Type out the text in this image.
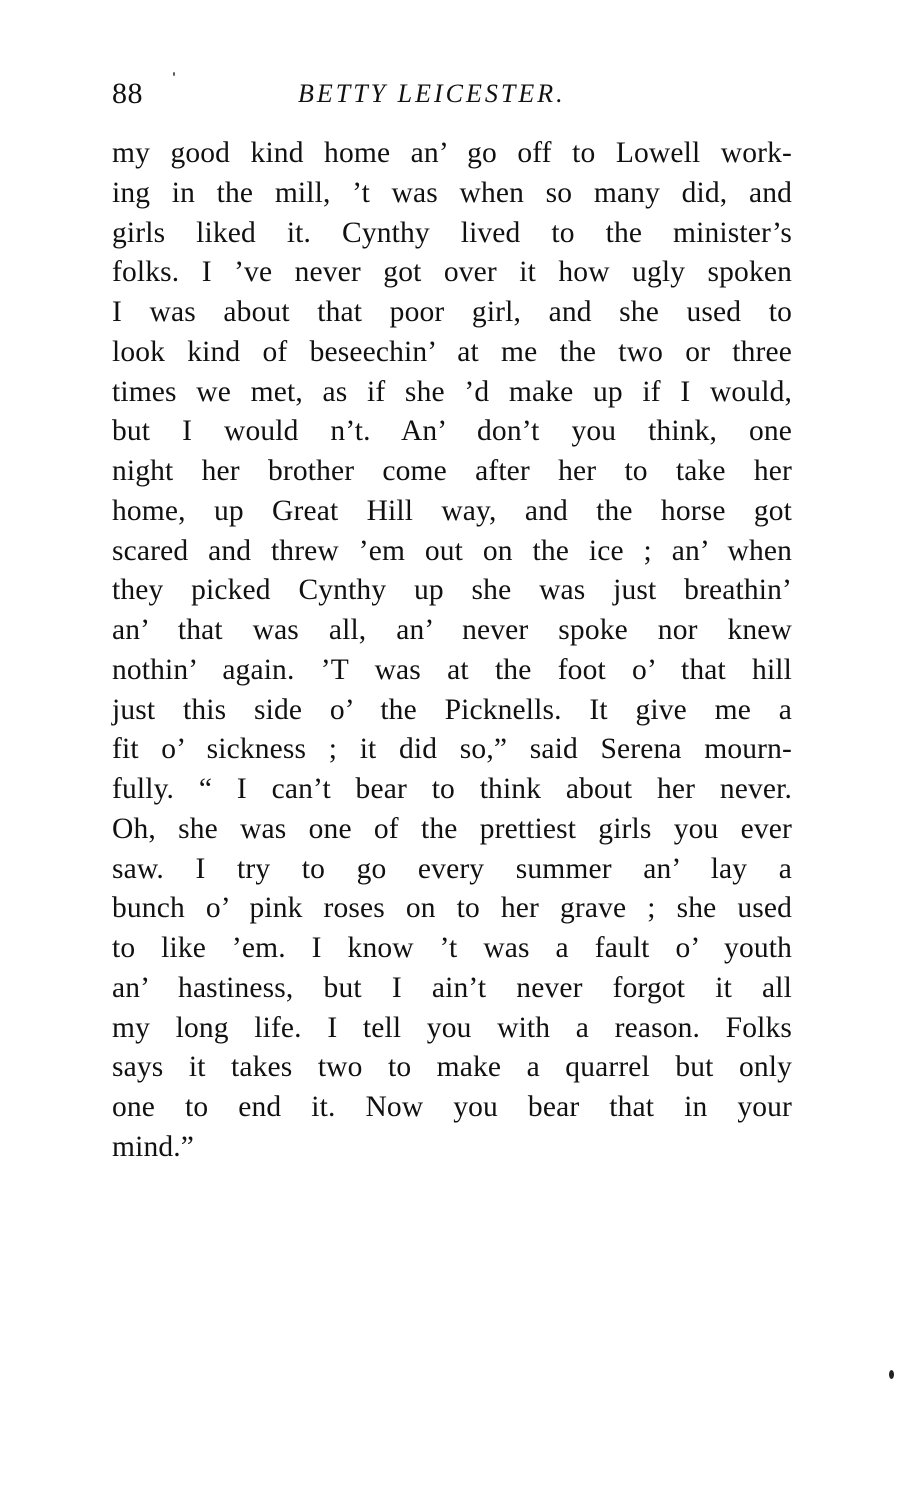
88	BETTY LEICESTER.
my good kind home an’ go off to Lowell work-
ing in the mill, ’t was when so many did, and
girls liked it. Cynthy lived to the minister’s
folks. I ’ve never got over it how ugly spoken
I was about that poor girl, and she used to
look kind of beseechin’ at me the two or three
times we met, as if she ’d make up if I would,
but I would n’t. An’ don’t you think, one
night her brother come after her to take her
home, up Great Hill way, and the horse got
scared and threw ’em out on the ice ; an’ when
they picked Cynthy up she was just breathin’
an’ that was all, an’ never spoke nor knew
nothin’ again. ’T was at the foot o’ that hill
just this side o’ the Picknells. It give me a
fit o’ sickness ; it did so,” said Serena mourn-
fully. “ I can’t bear to think about her never.
Oh, she was one of the prettiest girls you ever
saw. I try to go every summer an’ lay a
bunch o’ pink roses on to her grave ; she used
to like ’em. I know ’t was a fault o’ youth
an’ hastiness, but I ain’t never forgot it all
my long life. I tell you with a reason. Folks
says it takes two to make a quarrel but only
one to end it. Now you bear that in your
mind.”
